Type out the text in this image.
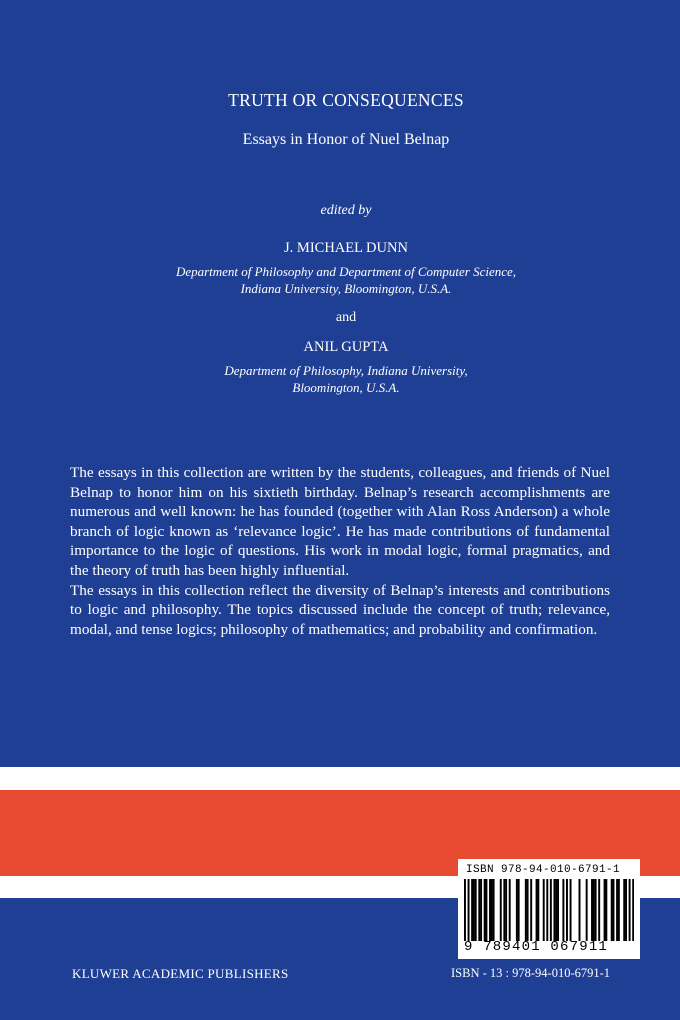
TRUTH OR CONSEQUENCES
Essays in Honor of Nuel Belnap
edited by
J. MICHAEL DUNN
Department of Philosophy and Department of Computer Science,
Indiana University, Bloomington, U.S.A.
and
ANIL GUPTA
Department of Philosophy, Indiana University,
Bloomington, U.S.A.

The essays in this collection are written by the students, colleagues, and friends of Nuel Belnap to honor him on his sixtieth birthday. Belnap’s research accomplishments are numerous and well known: he has founded (together with Alan Ross Anderson) a whole branch of logic known as ‘relevance logic’. He has made contributions of fundamental importance to the logic of questions. His work in modal logic, formal pragmatics, and the theory of truth has been highly influential.

The essays in this collection reflect the diversity of Belnap’s interests and contributions to logic and philosophy. The topics discussed include the concept of truth; relevance, modal, and tense logics; philosophy of mathematics; and probability and confirmation.

ISBN 978-94-010-6791-1
9 789401 067911
KLUWER ACADEMIC PUBLISHERS	ISBN - 13 : 978-94-010-6791-1
